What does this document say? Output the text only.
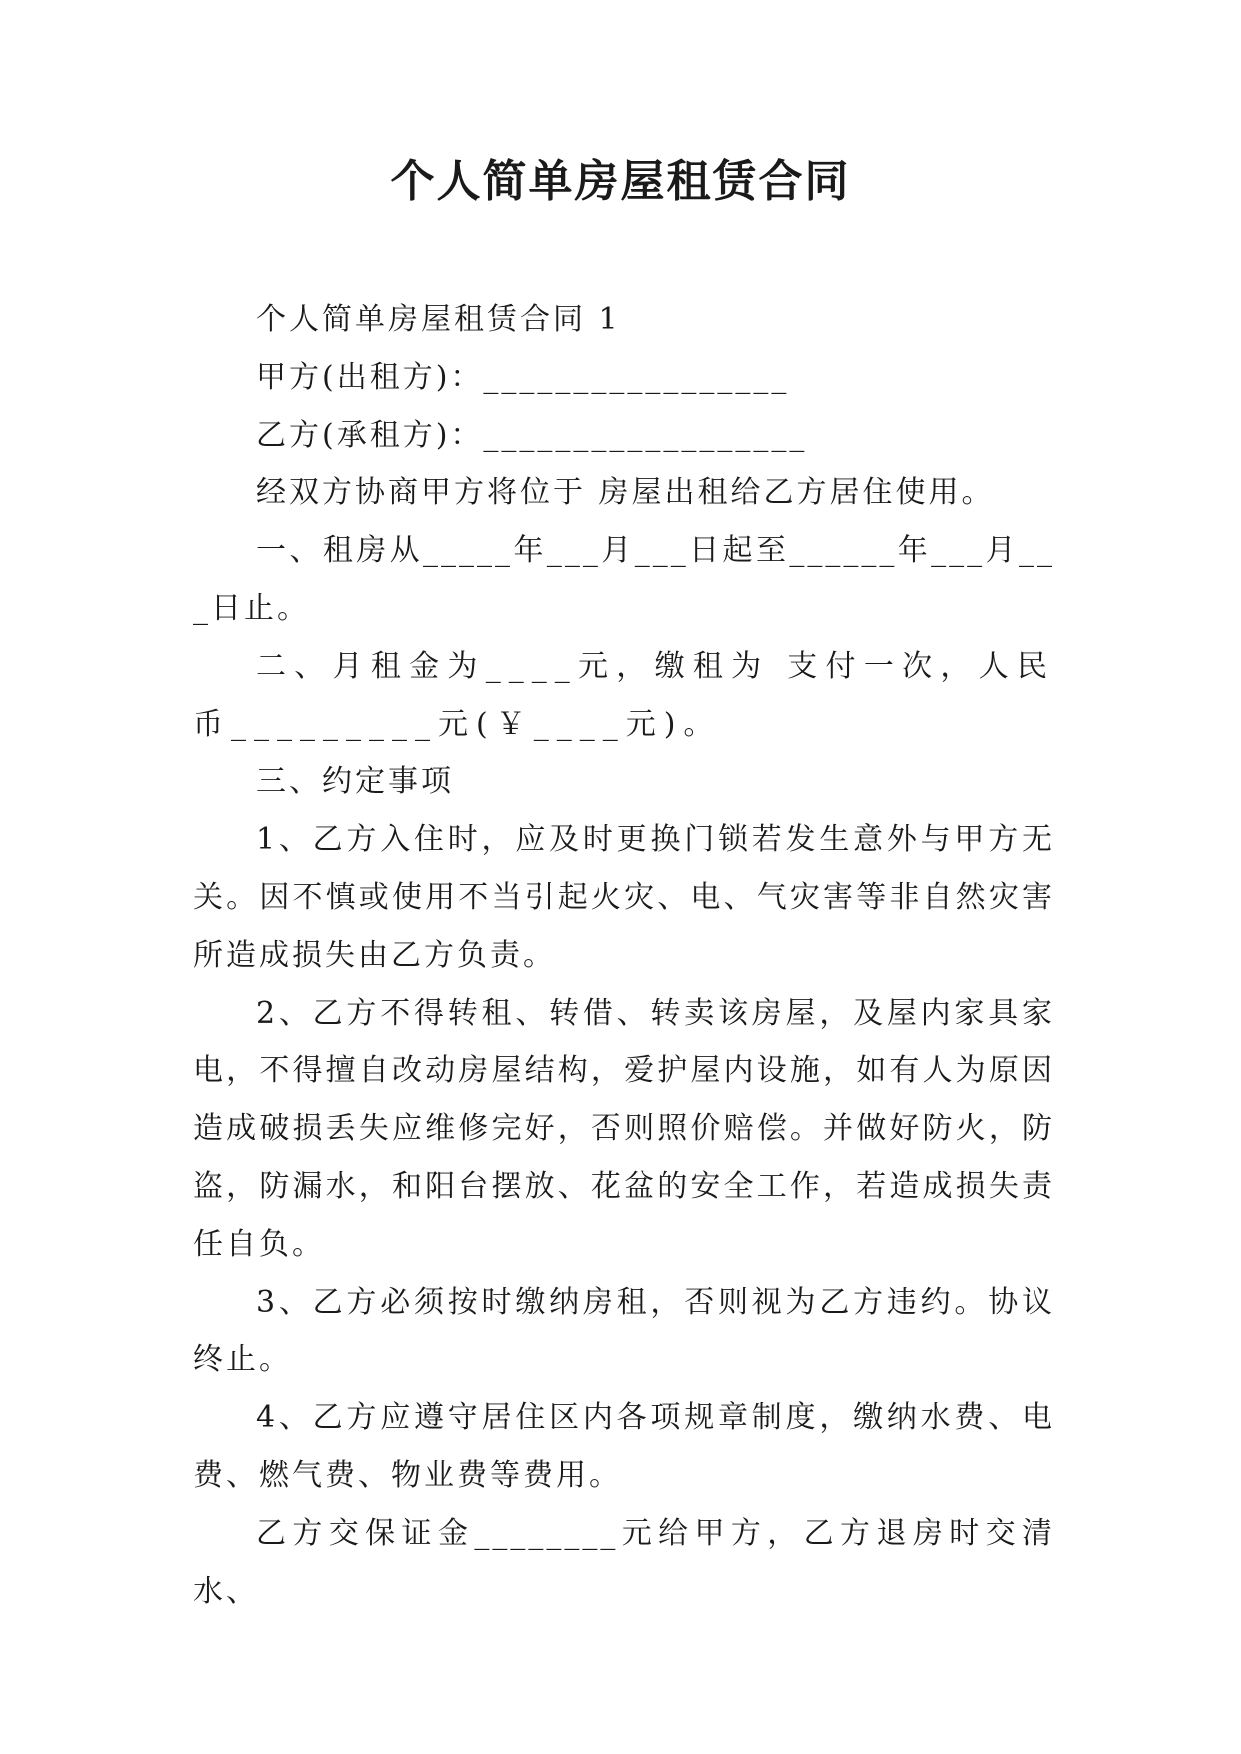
个人简单房屋租赁合同

个人简单房屋租赁合同 1

甲方(出租方)：_________________

乙方(承租方)：__________________

经双方协商甲方将位于 房屋出租给乙方居住使用。

一、租房从_____年___月___日起至______年___月___日止。

二、月租金为____元，缴租为 支付一次，人民币_________元(￥____元)。

三、约定事项

1、乙方入住时，应及时更换门锁若发生意外与甲方无关。因不慎或使用不当引起火灾、电、气灾害等非自然灾害所造成损失由乙方负责。

2、乙方不得转租、转借、转卖该房屋，及屋内家具家电，不得擅自改动房屋结构，爱护屋内设施，如有人为原因造成破损丢失应维修完好，否则照价赔偿。并做好防火，防盗，防漏水，和阳台摆放、花盆的安全工作，若造成损失责任自负。

3、乙方必须按时缴纳房租，否则视为乙方违约。协议终止。

4、乙方应遵守居住区内各项规章制度，缴纳水费、电费、燃气费、物业费等费用。

乙方交保证金________元给甲方，乙方退房时交清水、
